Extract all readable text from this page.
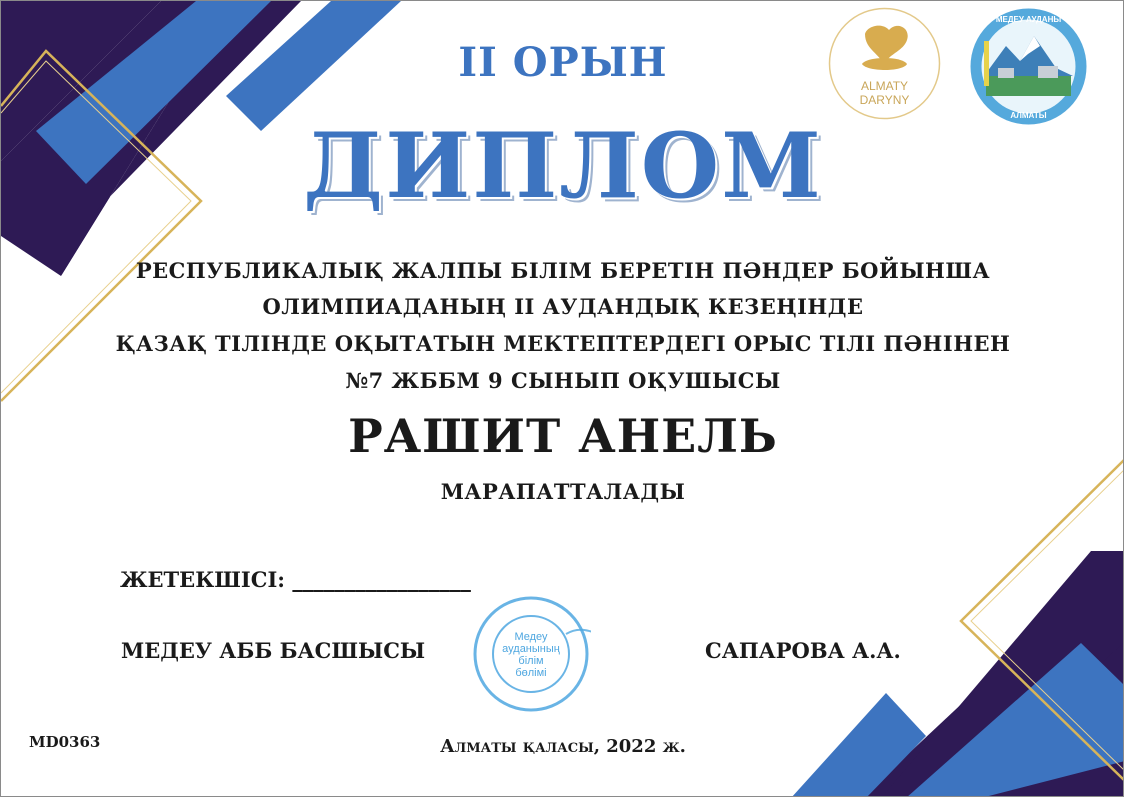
ALMATY
DARYNY
МЕДЕУ АУДАНЫ
АЛМАТЫ

II ОРЫН

ДИПЛОМ

РЕСПУБЛИКАЛЫҚ ЖАЛПЫ БІЛІМ БЕРЕТІН ПӘНДЕР БОЙЫНША

ОЛИМПИАДАНЫҢ II АУДАНДЫҚ КЕЗЕҢІНДЕ

ҚАЗАҚ ТІЛІНДЕ ОҚЫТАТЫН МЕКТЕПТЕРДЕГІ ОРЫС ТІЛІ ПӘНІНЕН

№7 ЖББМ 9 СЫНЫП ОҚУШЫСЫ

РАШИТ АНЕЛЬ

МАРАПАТТАЛАДЫ

ЖЕТЕКШІСІ: _________________

МЕДЕУ АББ БАСШЫСЫ	САПАРОВА А.А.

Медеу
ауданының
білім
бөлімі

MD0363	Алматы қаласы, 2022 ж.
